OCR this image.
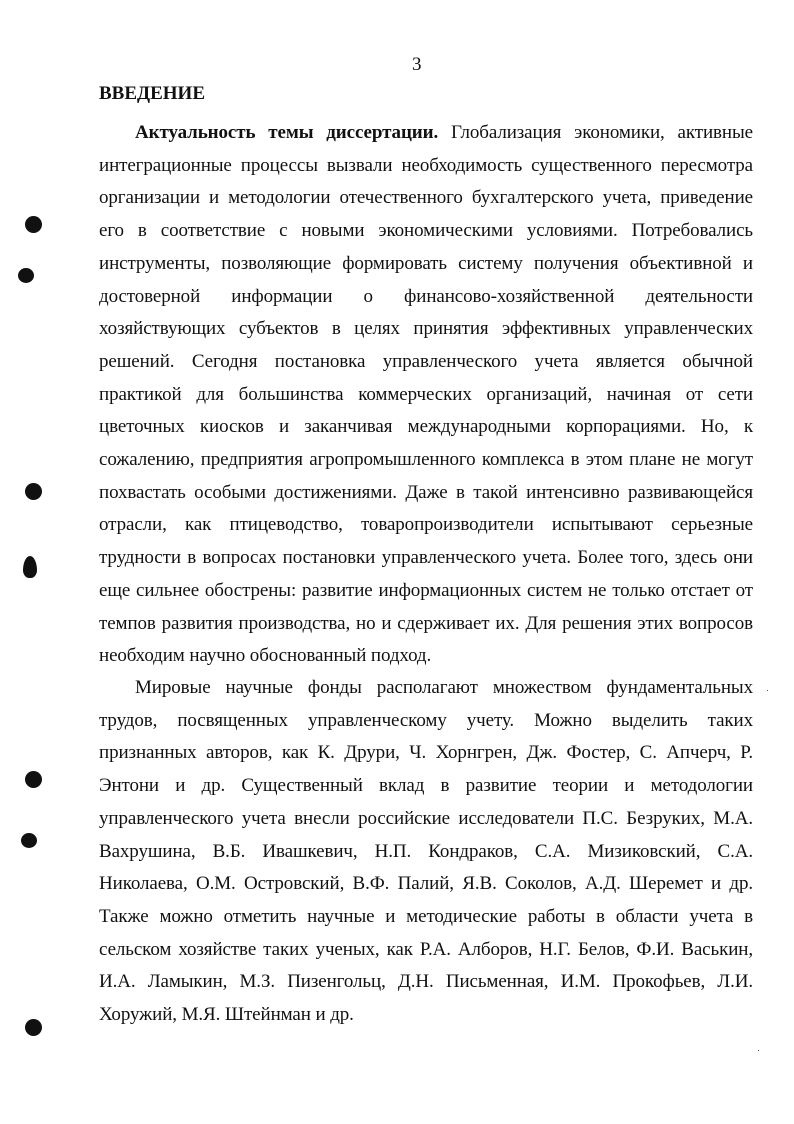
3
ВВЕДЕНИЕ

Актуальность темы диссертации. Глобализация экономики, активные интеграционные процессы вызвали необходимость существенного пересмотра организации и методологии отечественного бухгалтерского учета, приведение его в соответствие с новыми экономическими условиями. Потребовались инструменты, позволяющие формировать систему получения объективной и достоверной информации о финансово-хозяйственной деятельности хозяйствующих субъектов в целях принятия эффективных управленческих решений. Сегодня постановка управленческого учета является обычной практикой для большинства коммерческих организаций, начиная от сети цветочных киосков и заканчивая международными корпорациями. Но, к сожалению, предприятия агропромышленного комплекса в этом плане не могут похвастать особыми достижениями. Даже в такой интенсивно развивающейся отрасли, как птицеводство, товаропроизводители испытывают серьезные трудности в вопросах постановки управленческого учета. Более того, здесь они еще сильнее обострены: развитие информационных систем не только отстает от темпов развития производства, но и сдерживает их. Для решения этих вопросов необходим научно обоснованный подход.

Мировые научные фонды располагают множеством фундаментальных трудов, посвященных управленческому учету. Можно выделить таких признанных авторов, как К. Друри, Ч. Хорнгрен, Дж. Фостер, С. Апчерч, Р. Энтони и др. Существенный вклад в развитие теории и методологии управленческого учета внесли российские исследователи П.С. Безруких, М.А. Вахрушина, В.Б. Ивашкевич, Н.П. Кондраков, С.А. Мизиковский, С.А. Николаева, О.М. Островский, В.Ф. Палий, Я.В. Соколов, А.Д. Шеремет и др. Также можно отметить научные и методические работы в области учета в сельском хозяйстве таких ученых, как Р.А. Алборов, Н.Г. Белов, Ф.И. Васькин, И.А. Ламыкин, М.З. Пизенгольц, Д.Н. Письменная, И.М. Прокофьев, Л.И. Хоружий, М.Я. Штейнман и др.
